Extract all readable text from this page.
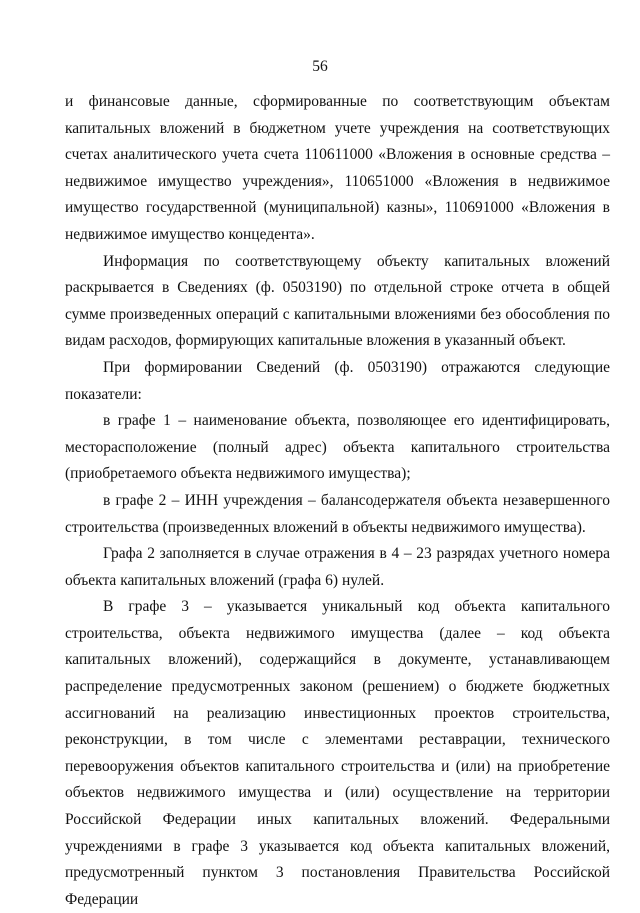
56

и финансовые данные, сформированные по соответствующим объектам капитальных вложений в бюджетном учете учреждения на соответствующих счетах аналитического учета счета 110611000 «Вложения в основные средства – недвижимое имущество учреждения», 110651000 «Вложения в недвижимое имущество государственной (муниципальной) казны», 110691000 «Вложения в недвижимое имущество концедента».

Информация по соответствующему объекту капитальных вложений раскрывается в Сведениях (ф. 0503190) по отдельной строке отчета в общей сумме произведенных операций с капитальными вложениями без обособления по видам расходов, формирующих капитальные вложения в указанный объект.

При формировании Сведений (ф. 0503190) отражаются следующие показатели:

в графе 1 – наименование объекта, позволяющее его идентифицировать, месторасположение (полный адрес) объекта капитального строительства (приобретаемого объекта недвижимого имущества);

в графе 2 – ИНН учреждения – балансодержателя объекта незавершенного строительства (произведенных вложений в объекты недвижимого имущества).

Графа 2 заполняется в случае отражения в 4 – 23 разрядах учетного номера объекта капитальных вложений (графа 6) нулей.

В графе 3 – указывается уникальный код объекта капитального строительства, объекта недвижимого имущества (далее – код объекта капитальных вложений), содержащийся в документе, устанавливающем распределение предусмотренных законом (решением) о бюджете бюджетных ассигнований на реализацию инвестиционных проектов строительства, реконструкции, в том числе с элементами реставрации, технического перевооружения объектов капитального строительства и (или) на приобретение объектов недвижимого имущества и (или) осуществление на территории Российской Федерации иных капитальных вложений. Федеральными учреждениями в графе 3 указывается код объекта капитальных вложений, предусмотренный пунктом 3 постановления Правительства Российской Федерации
